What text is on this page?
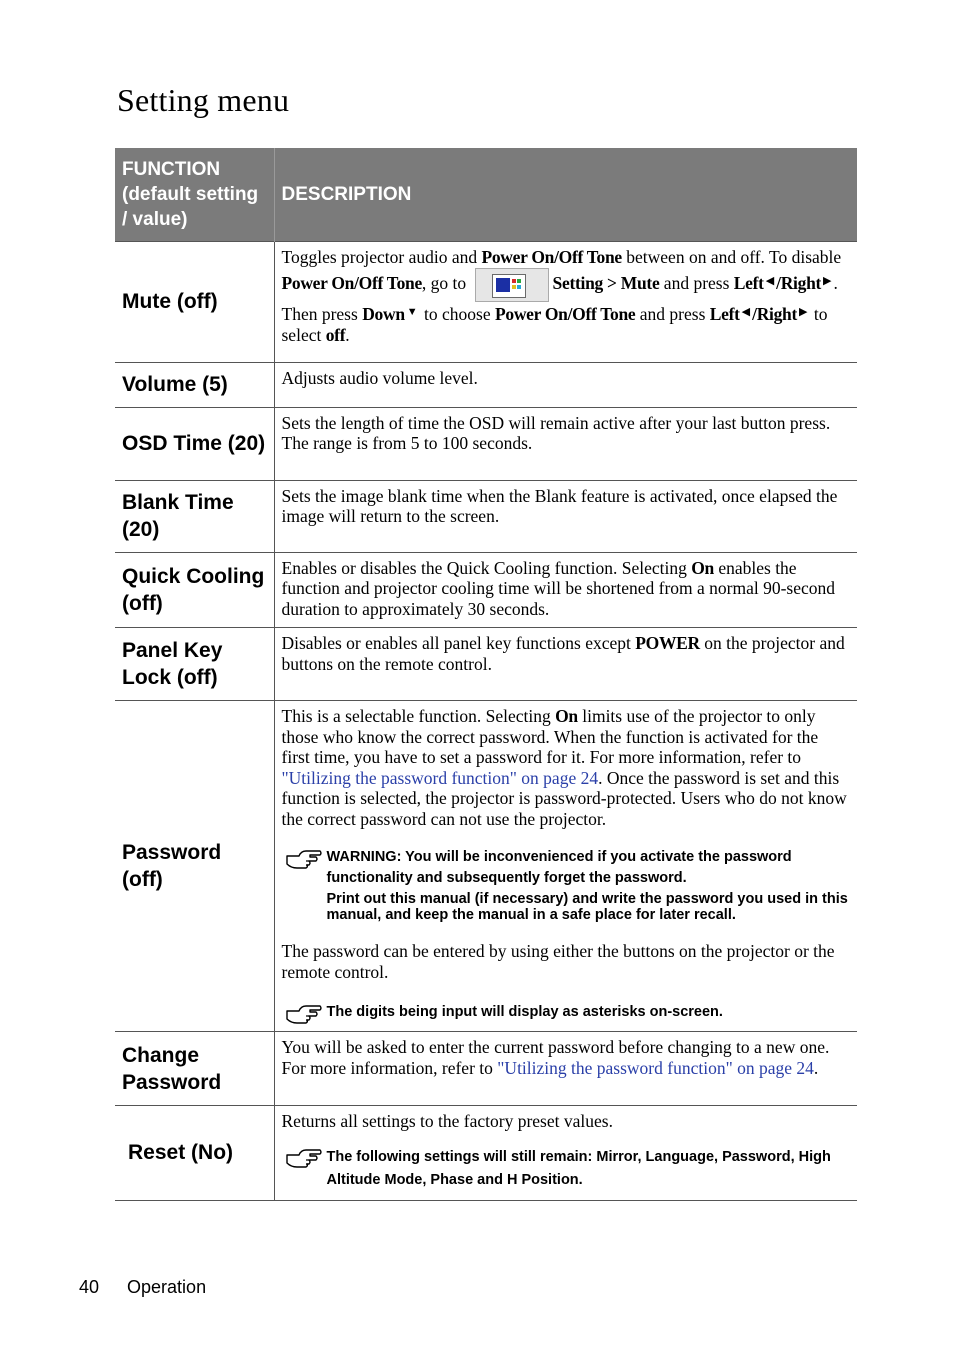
Setting menu
FUNCTION (default setting / value)	DESCRIPTION
Mute (off)	Toggles projector audio and Power On/Off Tone between on and off. To disable Power On/Off Tone, go to Setting > Mute and press Left ◀ /Right ▶ . Then press Down ▼ to choose Power On/Off Tone and press Left ◀ /Right ▶ to select off.

Volume (5)	Adjusts audio volume level.
OSD Time (20)	Sets the length of time the OSD will remain active after your last button press. The range is from 5 to 100 seconds.
Blank Time (20)	Sets the image blank time when the Blank feature is activated, once elapsed the image will return to the screen.
Quick Cooling (off)	Enables or disables the Quick Cooling function. Selecting On enables the function and projector cooling time will be shortened from a normal 90-second duration to approximately 30 seconds.
Panel Key Lock (off)	Disables or enables all panel key functions except POWER on the projector and buttons on the remote control.
Password (off)	This is a selectable function. Selecting On limits use of the projector to only those who know the correct password. When the function is activated for the first time, you have to set a password for it. For more information, refer to "Utilizing the password function" on page 24. Once the password is set and this function is selected, the projector is password-protected. Users who do not know the correct password can not use the projector.

WARNING: You will be inconvenienced if you activate the password functionality and subsequently forget the password.

Print out this manual (if necessary) and write the password you used in this manual, and keep the manual in a safe place for later recall.

The password can be entered by using either the buttons on the projector or the remote control.

The digits being input will display as asterisks on-screen.

Change Password	You will be asked to enter the current password before changing to a new one. For more information, refer to "Utilizing the password function" on page 24.
Reset (No)	Returns all settings to the factory preset values.

The following settings will still remain: Mirror, Language, Password, High Altitude Mode, Phase and H Position.

40 Operation
